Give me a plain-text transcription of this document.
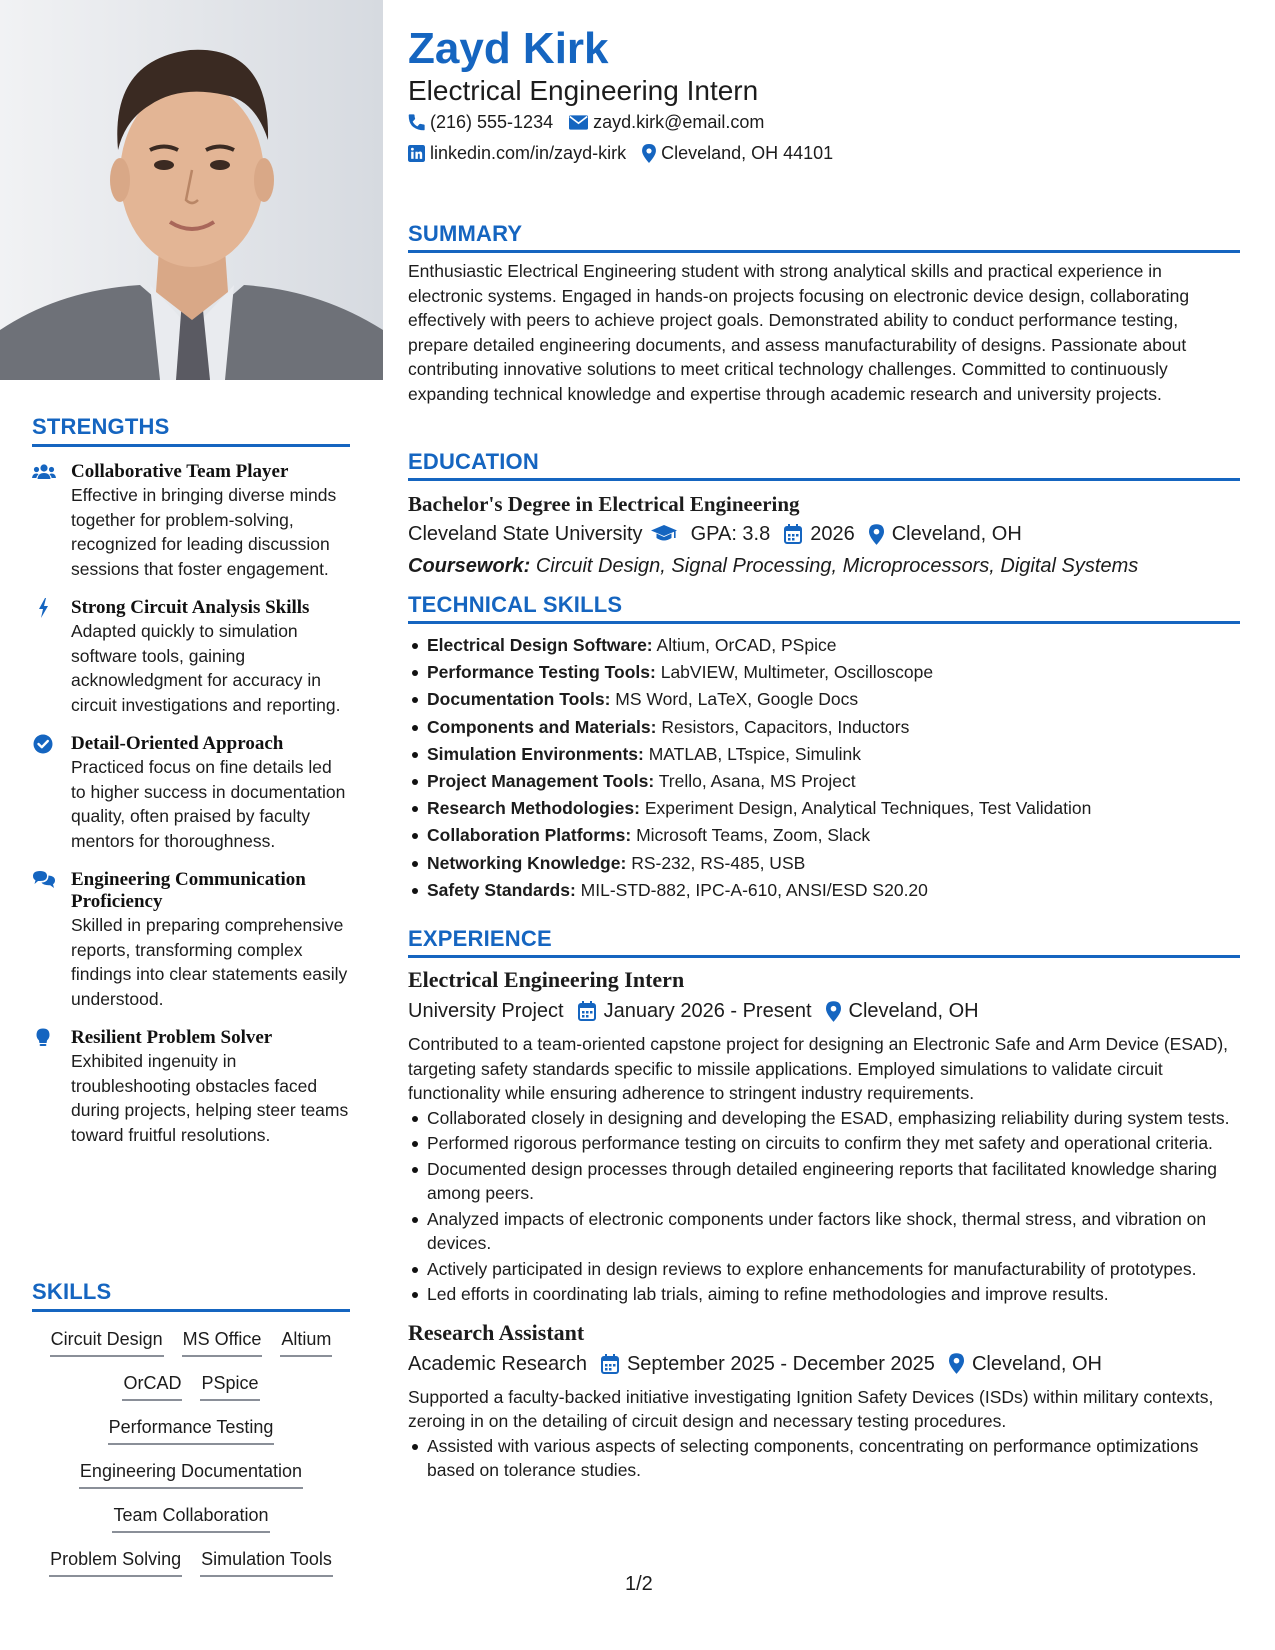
STRENGTHS
Collaborative Team Player
Effective in bringing diverse minds together for problem-solving, recognized for leading discussion sessions that foster engagement.
Strong Circuit Analysis Skills
Adapted quickly to simulation software tools, gaining acknowledgment for accuracy in circuit investigations and reporting.
Detail-Oriented Approach
Practiced focus on fine details led to higher success in documentation quality, often praised by faculty mentors for thoroughness.
Engineering Communication Proficiency
Skilled in preparing comprehensive reports, transforming complex findings into clear statements easily understood.
Resilient Problem Solver
Exhibited ingenuity in troubleshooting obstacles faced during projects, helping steer teams toward fruitful resolutions.
SKILLS
Circuit Design MS Office Altium
OrCAD PSpice
Performance Testing
Engineering Documentation
Team Collaboration
Problem Solving Simulation Tools
Zayd Kirk
Electrical Engineering Intern
(216) 555-1234 zayd.kirk@email.com
linkedin.com/in/zayd-kirk Cleveland, OH 44101
SUMMARY
Enthusiastic Electrical Engineering student with strong analytical skills and practical experience in electronic systems. Engaged in hands-on projects focusing on electronic device design, collaborating effectively with peers to achieve project goals. Demonstrated ability to conduct performance testing, prepare detailed engineering documents, and assess manufacturability of designs. Passionate about contributing innovative solutions to meet critical technology challenges. Committed to continuously expanding technical knowledge and expertise through academic research and university projects.
EDUCATION
Bachelor's Degree in Electrical Engineering
Cleveland State University GPA: 3.8 2026 Cleveland, OH
Coursework: Circuit Design, Signal Processing, Microprocessors, Digital Systems
TECHNICAL SKILLS
Electrical Design Software: Altium, OrCAD, PSpice
Performance Testing Tools: LabVIEW, Multimeter, Oscilloscope
Documentation Tools: MS Word, LaTeX, Google Docs
Components and Materials: Resistors, Capacitors, Inductors
Simulation Environments: MATLAB, LTspice, Simulink
Project Management Tools: Trello, Asana, MS Project
Research Methodologies: Experiment Design, Analytical Techniques, Test Validation
Collaboration Platforms: Microsoft Teams, Zoom, Slack
Networking Knowledge: RS-232, RS-485, USB
Safety Standards: MIL-STD-882, IPC-A-610, ANSI/ESD S20.20
EXPERIENCE
Electrical Engineering Intern
University Project January 2026 - Present Cleveland, OH
Contributed to a team-oriented capstone project for designing an Electronic Safe and Arm Device (ESAD), targeting safety standards specific to missile applications. Employed simulations to validate circuit functionality while ensuring adherence to stringent industry requirements.
Collaborated closely in designing and developing the ESAD, emphasizing reliability during system tests.
Performed rigorous performance testing on circuits to confirm they met safety and operational criteria.
Documented design processes through detailed engineering reports that facilitated knowledge sharing among peers.
Analyzed impacts of electronic components under factors like shock, thermal stress, and vibration on devices.
Actively participated in design reviews to explore enhancements for manufacturability of prototypes.
Led efforts in coordinating lab trials, aiming to refine methodologies and improve results.
Research Assistant
Academic Research September 2025 - December 2025 Cleveland, OH
Supported a faculty-backed initiative investigating Ignition Safety Devices (ISDs) within military contexts, zeroing in on the detailing of circuit design and necessary testing procedures.
Assisted with various aspects of selecting components, concentrating on performance optimizations based on tolerance studies.
1/2
